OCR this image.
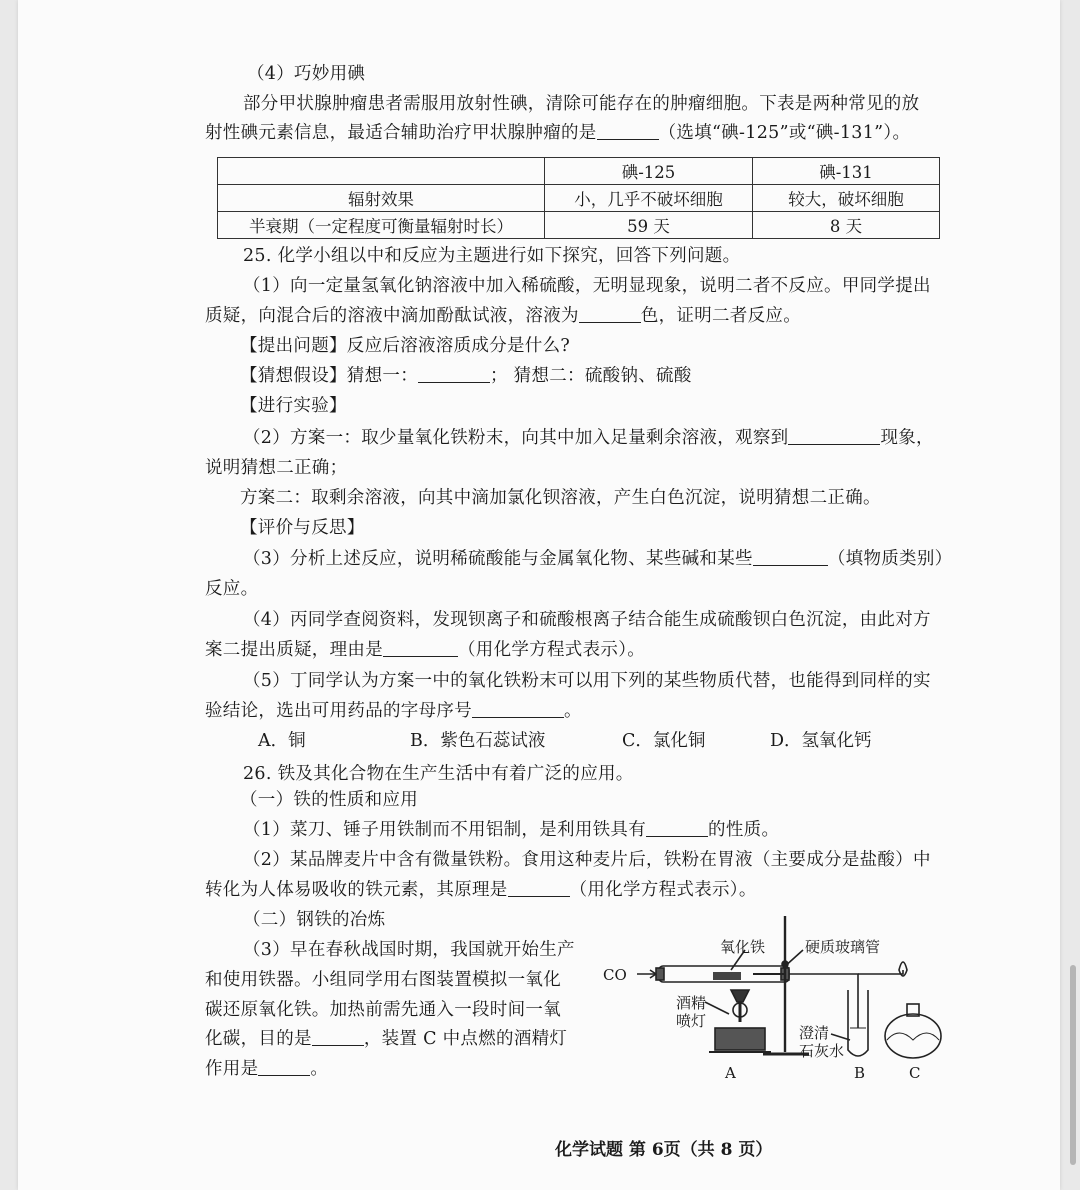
（4）巧妙用碘
部分甲状腺肿瘤患者需服用放射性碘，清除可能存在的肿瘤细胞。下表是两种常见的放
射性碘元素信息，最适合辅助治疗甲状腺肿瘤的是	（选填“碘-125”或“碘-131”）。
	碘-125	碘-131
辐射效果	小，几乎不破坏细胞	较大，破坏细胞
半衰期（一定程度可衡量辐射时长）	59 天	8 天
25. 化学小组以中和反应为主题进行如下探究，回答下列问题。
（1）向一定量氢氧化钠溶液中加入稀硫酸，无明显现象，说明二者不反应。甲同学提出
质疑，向混合后的溶液中滴加酚酞试液，溶液为	色，证明二者反应。
【提出问题】反应后溶液溶质成分是什么?
【猜想假设】猜想一：	； 猜想二：硫酸钠、硫酸
【进行实验】
（2）方案一：取少量氧化铁粉末，向其中加入足量剩余溶液，观察到	现象，
说明猜想二正确；
方案二：取剩余溶液，向其中滴加氯化钡溶液，产生白色沉淀，说明猜想二正确。
【评价与反思】
（3）分析上述反应，说明稀硫酸能与金属氧化物、某些碱和某些	（填物质类别）
反应。
（4）丙同学查阅资料，发现钡离子和硫酸根离子结合能生成硫酸钡白色沉淀，由此对方
案二提出质疑，理由是	（用化学方程式表示）。
（5）丁同学认为方案一中的氧化铁粉末可以用下列的某些物质代替，也能得到同样的实
验结论，选出可用药品的字母序号	。
A．铜	B．紫色石蕊试液	C．氯化铜	D．氢氧化钙
26. 铁及其化合物在生产生活中有着广泛的应用。
（一）铁的性质和应用
（1）菜刀、锤子用铁制而不用铝制，是利用铁具有	的性质。
（2）某品牌麦片中含有微量铁粉。食用这种麦片后，铁粉在胃液（主要成分是盐酸）中
转化为人体易吸收的铁元素，其原理是	（用化学方程式表示）。
（二）钢铁的冶炼
（3）早在春秋战国时期，我国就开始生产
和使用铁器。小组同学用右图装置模拟一氧化
碳还原氧化铁。加热前需先通入一段时间一氧
化碳，目的是	，装置 C 中点燃的酒精灯
作用是	。
CO
氧化铁	硬质玻璃管
酒精
喷灯
澄清
石灰水
A	B	C
化学试题 第 6页（共 8 页）
